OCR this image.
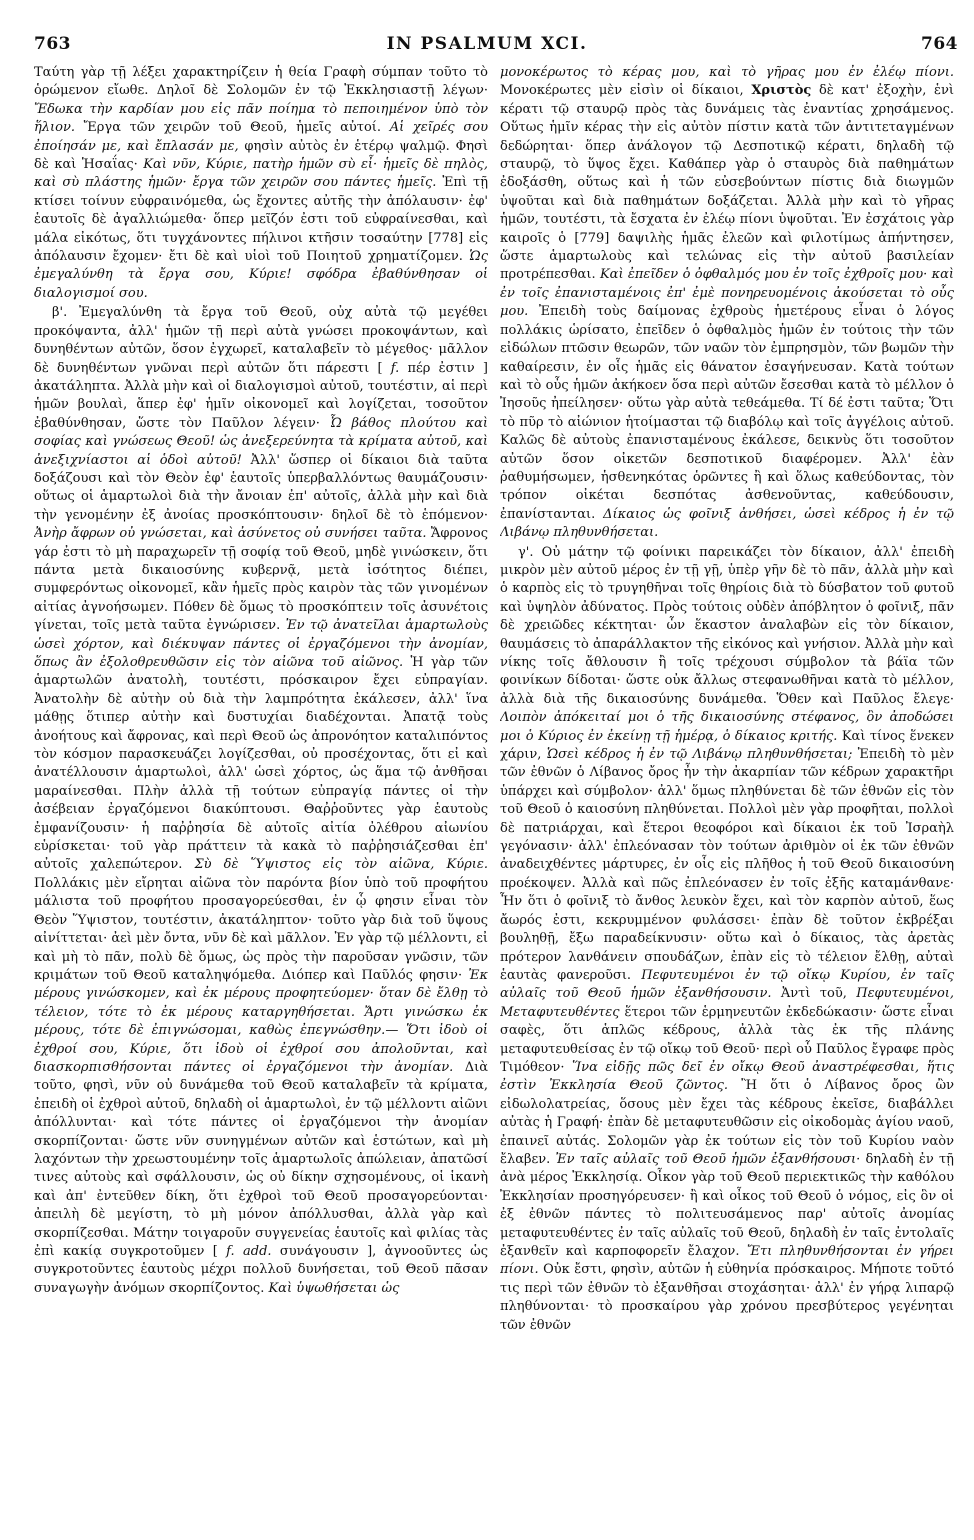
763	IN PSALMUM XCI.	764

Ταύτη γὰρ τῇ λέξει χαρακτηρίζειν ἡ θεία Γραφὴ σύμπαν τοῦτο τὸ ὁρώμενον εἴωθε. Δηλοῖ δὲ Σολομῶν ἐν τῷ Ἐκκλησιαστῇ λέγων· Ἔδωκα τὴν καρδίαν μου εἰς πᾶν ποίημα τὸ πεποιημένον ὑπὸ τὸν ἥλιον. Ἔργα τῶν χειρῶν τοῦ Θεοῦ, ἡμεῖς αὐτοί. Αἱ χεῖρές σου ἐποίησάν με, καὶ ἔπλασάν με, φησὶν αὐτὸς ἐν ἑτέρῳ ψαλμῷ. Φησὶ δὲ καὶ Ἡσαΐας· Καὶ νῦν, Κύριε, πατὴρ ἡμῶν σὺ εἶ· ἡμεῖς δὲ πηλὸς, καὶ σὺ πλάστης ἡμῶν· ἔργα τῶν χειρῶν σου πάντες ἡμεῖς. Ἐπὶ τῇ κτίσει τοίνυν εὐφραινόμεθα, ὡς ἔχοντες αὐτῆς τὴν ἀπόλαυσιν· ἐφ' ἑαυτοῖς δὲ ἀγαλλιώμεθα· ὅπερ μεῖζόν ἐστι τοῦ εὐφραίνεσθαι, καὶ μάλα εἰκότως, ὅτι τυγχάνοντες πήλινοι κτῆσιν τοσαύτην [778] εἰς ἀπόλαυσιν ἔχομεν· ἔτι δὲ καὶ υἱοὶ τοῦ Ποιητοῦ χρηματίζομεν. Ὡς ἐμεγαλύνθη τὰ ἔργα σου, Κύριε! σφόδρα ἐβαθύνθησαν οἱ διαλογισμοί σου.

β'. Ἐμεγαλύνθη τὰ ἔργα τοῦ Θεοῦ, οὐχ αὐτὰ τῷ μεγέθει προκόψαντα, ἀλλ' ἡμῶν τῇ περὶ αὐτὰ γνώσει προκοψάντων, καὶ δυνηθέντων αὐτῶν, ὅσον ἐγχωρεῖ, καταλαβεῖν τὸ μέγεθος· μᾶλλον δὲ δυνηθέντων γνῶναι περὶ αὐτῶν ὅτι πάρεστι [ f. πέρ ἐστιν ] ἀκατάληπτα. Ἀλλὰ μὴν καὶ οἱ διαλογισμοὶ αὐτοῦ, τουτέστιν, αἱ περὶ ἡμῶν βουλαὶ, ἅπερ ἐφ' ἡμῖν οἰκονομεῖ καὶ λογίζεται, τοσοῦτον ἐβαθύνθησαν, ὥστε τὸν Παῦλον λέγειν· Ὦ βάθος πλούτου καὶ σοφίας καὶ γνώσεως Θεοῦ! ὡς ἀνεξερεύνητα τὰ κρίματα αὐτοῦ, καὶ ἀνεξιχνίαστοι αἱ ὁδοὶ αὐτοῦ! Ἀλλ' ὥσπερ οἱ δίκαιοι διὰ ταῦτα δοξάζουσι καὶ τὸν Θεὸν ἐφ' ἑαυτοῖς ὑπερβαλλόντως θαυμάζουσιν· οὕτως οἱ ἁμαρτωλοὶ διὰ τὴν ἄνοιαν ἐπ' αὐτοῖς, ἀλλὰ μὴν καὶ διὰ τὴν γενομένην ἐξ ἀνοίας προσκόπτουσιν· δηλοῖ δὲ τὸ ἑπόμενον· Ἀνὴρ ἄφρων οὐ γνώσεται, καὶ ἀσύνετος οὐ συνήσει ταῦτα. Ἄφρονος γάρ ἐστι τὸ μὴ παραχωρεῖν τῇ σοφίᾳ τοῦ Θεοῦ, μηδὲ γινώσκειν, ὅτι πάντα μετὰ δικαιοσύνης κυβερνᾷ, μετὰ ἰσότητος διέπει, συμφερόντως οἰκονομεῖ, κἂν ἡμεῖς πρὸς καιρὸν τὰς τῶν γινομένων αἰτίας ἀγνοήσωμεν. Πόθεν δὲ ὅμως τὸ προσκόπτειν τοῖς ἀσυνέτοις γίνεται, τοῖς μετὰ ταῦτα ἐγνώρισεν. Ἐν τῷ ἀνατεῖλαι ἁμαρτωλοὺς ὡσεὶ χόρτον, καὶ διέκυψαν πάντες οἱ ἐργαζόμενοι τὴν ἀνομίαν, ὅπως ἂν ἐξολοθρευθῶσιν εἰς τὸν αἰῶνα τοῦ αἰῶνος. Ἡ γὰρ τῶν ἁμαρτωλῶν ἀνατολὴ, τουτέστι, πρόσκαιρον ἔχει εὐπραγίαν. Ἀνατολὴν δὲ αὐτὴν οὐ διὰ τὴν λαμπρότητα ἐκάλεσεν, ἀλλ' ἵνα μάθῃς ὅτιπερ αὐτὴν καὶ δυστυχίαι διαδέχονται. Ἀπατᾷ τοὺς ἀνοήτους καὶ ἄφρονας, καὶ περὶ Θεοῦ ὡς ἀπρονόητον καταλιπόντος τὸν κόσμον παρασκευάζει λογίζεσθαι, οὐ προσέχοντας, ὅτι εἰ καὶ ἀνατέλλουσιν ἁμαρτωλοὶ, ἀλλ' ὡσεὶ χόρτος, ὡς ἅμα τῷ ἀνθῆσαι μαραίνεσθαι. Πλὴν ἀλλὰ τῇ τούτων εὐπραγίᾳ πάντες οἱ τὴν ἀσέβειαν ἐργαζόμενοι διακύπτουσι. Θαῤῥοῦντες γὰρ ἑαυτοὺς ἐμφανίζουσιν· ἡ παῤῥησία δὲ αὐτοῖς αἰτία ὀλέθρου αἰωνίου εὑρίσκεται· τοῦ γὰρ πράττειν τὰ κακὰ τὸ παῤῥησιάζεσθαι ἐπ' αὐτοῖς χαλεπώτερον. Σὺ δὲ Ὕψιστος εἰς τὸν αἰῶνα, Κύριε. Πολλάκις μὲν εἴρηται αἰῶνα τὸν παρόντα βίον ὑπὸ τοῦ προφήτου μάλιστα τοῦ προφήτου προσαγορεύεσθαι, ἐν ᾧ φησιν εἶναι τὸν Θεὸν Ὕψιστον, τουτέστιν, ἀκατάληπτον· τοῦτο γὰρ διὰ τοῦ ὕψους αἰνίττεται· ἀεὶ μὲν ὄντα, νῦν δὲ καὶ μᾶλλον. Ἐν γὰρ τῷ μέλλοντι, εἰ καὶ μὴ τὸ πᾶν, πολὺ δὲ ὅμως, ὡς πρὸς τὴν παροῦσαν γνῶσιν, τῶν κριμάτων τοῦ Θεοῦ καταληψόμεθα. Διόπερ καὶ Παῦλός φησιν· Ἐκ μέρους γινώσκομεν, καὶ ἐκ μέρους προφητεύομεν· ὅταν δὲ ἔλθῃ τὸ τέλειον, τότε τὸ ἐκ μέρους καταργηθήσεται. Ἄρτι γινώσκω ἐκ μέρους, τότε δὲ ἐπιγνώσομαι, καθὼς ἐπεγνώσθην.— Ὅτι ἰδοὺ οἱ ἐχθροί σου, Κύριε, ὅτι ἰδοὺ οἱ ἐχθροί σου ἀπολοῦνται, καὶ διασκορπισθήσονται πάντες οἱ ἐργαζόμενοι τὴν ἀνομίαν. Διὰ τοῦτο, φησὶ, νῦν οὐ δυνάμεθα τοῦ Θεοῦ καταλαβεῖν τὰ κρίματα, ἐπειδὴ οἱ ἐχθροὶ αὐτοῦ, δηλαδὴ οἱ ἁμαρτωλοὶ, ἐν τῷ μέλλοντι αἰῶνι ἀπόλλυνται· καὶ τότε πάντες οἱ ἐργαζόμενοι τὴν ἀνομίαν σκορπίζονται· ὥστε νῦν συνηγμένων αὐτῶν καὶ ἑστώτων, καὶ μὴ λαχόντων τὴν χρεωστουμένην τοῖς ἁμαρτωλοῖς ἀπώλειαν, ἀπατῶσί τινες αὐτοὺς καὶ σφάλλουσιν, ὡς οὐ δίκην σχησομένους, οἱ ἱκανὴ καὶ ἀπ' ἐντεῦθεν δίκη, ὅτι ἐχθροὶ τοῦ Θεοῦ προσαγορεύονται· ἀπειλὴ δὲ μεγίστη, τὸ μὴ μόνον ἀπόλλυσθαι, ἀλλὰ γὰρ καὶ σκορπίζεσθαι. Μάτην τοιγαροῦν συγγενείας ἑαυτοῖς καὶ φιλίας τὰς ἐπὶ κακίᾳ συγκροτοῦμεν [ f. add. συνάγουσιν ], ἀγνοοῦντες ὡς συγκροτοῦντες ἑαυτοὺς μέχρι πολλοῦ δυνήσεται, τοῦ Θεοῦ πᾶσαν συναγωγὴν ἀνόμων σκορπίζοντος. Καὶ ὑψωθήσεται ὡς

μονοκέρωτος τὸ κέρας μου, καὶ τὸ γῆρας μου ἐν ἐλέῳ πίονι. Μονοκέρωτες μὲν εἰσὶν οἱ δίκαιοι, Χριστὸς δὲ κατ' ἐξοχὴν, ἑνὶ κέρατι τῷ σταυρῷ πρὸς τὰς δυνάμεις τὰς ἐναντίας χρησάμενος. Οὕτως ἡμῖν κέρας τὴν εἰς αὐτὸν πίστιν κατὰ τῶν ἀντιτεταγμένων δεδώρηται· ὅπερ ἀνάλογον τῷ Δεσποτικῷ κέρατι, δηλαδὴ τῷ σταυρῷ, τὸ ὕψος ἔχει. Καθάπερ γὰρ ὁ σταυρὸς διὰ παθημάτων ἐδοξάσθη, οὕτως καὶ ἡ τῶν εὐσεβούντων πίστις διὰ διωγμῶν ὑψοῦται καὶ διὰ παθημάτων δοξάζεται. Ἀλλὰ μὴν καὶ τὸ γῆρας ἡμῶν, τουτέστι, τὰ ἔσχατα ἐν ἐλέῳ πίονι ὑψοῦται. Ἐν ἐσχάτοις γὰρ καιροῖς ὁ [779] δαψιλὴς ἡμᾶς ἐλεῶν καὶ φιλοτίμως ἀπήντησεν, ὥστε ἁμαρτωλοὺς καὶ τελώνας εἰς τὴν αὐτοῦ βασιλείαν προτρέπεσθαι. Καὶ ἐπεῖδεν ὁ ὀφθαλμός μου ἐν τοῖς ἐχθροῖς μου· καὶ ἐν τοῖς ἐπανισταμένοις ἐπ' ἐμὲ πονηρευομένοις ἀκούσεται τὸ οὖς μου. Ἐπειδὴ τοὺς δαίμονας ἐχθροὺς ἡμετέρους εἶναι ὁ λόγος πολλάκις ὡρίσατο, ἐπεῖδεν ὁ ὀφθαλμὸς ἡμῶν ἐν τούτοις τὴν τῶν εἰδώλων πτῶσιν θεωρῶν, τῶν ναῶν τὸν ἐμπρησμὸν, τῶν βωμῶν τὴν καθαίρεσιν, ἐν οἷς ἡμᾶς εἰς θάνατον ἐσαγήνευσαν. Κατὰ τούτων καὶ τὸ οὖς ἡμῶν ἀκήκοεν ὅσα περὶ αὐτῶν ἔσεσθαι κατὰ τὸ μέλλον ὁ Ἰησοῦς ἠπείλησεν· οὕτω γὰρ αὐτὰ τεθεάμεθα. Τί δέ ἐστι ταῦτα; Ὅτι τὸ πῦρ τὸ αἰώνιον ἡτοίμασται τῷ διαβόλῳ καὶ τοῖς ἀγγέλοις αὐτοῦ. Καλῶς δὲ αὐτοὺς ἐπανισταμένους ἐκάλεσε, δεικνὺς ὅτι τοσοῦτον αὐτῶν ὅσον οἰκετῶν δεσποτικοῦ διαφέρομεν. Ἀλλ' ἐὰν ῥαθυμήσωμεν, ἡσθενηκότας ὁρῶντες ἢ καὶ ὅλως καθεύδοντας, τὸν τρόπον οἰκέται δεσπότας ἀσθενοῦντας, καθεύδουσιν, ἐπανίστανται. Δίκαιος ὡς φοῖνιξ ἀνθήσει, ὡσεὶ κέδρος ἡ ἐν τῷ Λιβάνῳ πληθυνθήσεται.

γ'. Οὐ μάτην τῷ φοίνικι παρεικάζει τὸν δίκαιον, ἀλλ' ἐπειδὴ μικρὸν μὲν αὐτοῦ μέρος ἐν τῇ γῇ, ὑπὲρ γῆν δὲ τὸ πᾶν, ἀλλὰ μὴν καὶ ὁ καρπὸς εἰς τὸ τρυγηθῆναι τοῖς θηρίοις διὰ τὸ δύσβατον τοῦ φυτοῦ καὶ ὑψηλὸν ἀδύνατος. Πρὸς τούτοις οὐδὲν ἀπόβλητον ὁ φοῖνιξ, πᾶν δὲ χρειῶδες κέκτηται· ὧν ἕκαστον ἀναλαβὼν εἰς τὸν δίκαιον, θαυμάσεις τὸ ἀπαράλλακτον τῆς εἰκόνος καὶ γνήσιον. Ἀλλὰ μὴν καὶ νίκης τοῖς ἄθλουσιν ἢ τοῖς τρέχουσι σύμβολον τὰ βάϊα τῶν φοινίκων δίδοται· ὥστε οὐκ ἄλλως στεφανωθῆναι κατὰ τὸ μέλλον, ἀλλὰ διὰ τῆς δικαιοσύνης δυνάμεθα. Ὅθεν καὶ Παῦλος ἔλεγε· Λοιπὸν ἀπόκειταί μοι ὁ τῆς δικαιοσύνης στέφανος, ὃν ἀποδώσει μοι ὁ Κύριος ἐν ἐκείνῃ τῇ ἡμέρᾳ, ὁ δίκαιος κριτής. Καὶ τίνος ἕνεκεν χάριν, Ὡσεὶ κέδρος ἡ ἐν τῷ Λιβάνῳ πληθυνθήσεται; Ἐπειδὴ τὸ μὲν τῶν ἐθνῶν ὁ Λίβανος ὄρος ἦν τὴν ἀκαρπίαν τῶν κέδρων χαρακτῆρι ὑπάρχει καὶ σύμβολον· ἀλλ' ὅμως πληθύνεται δὲ τῶν ἐθνῶν εἰς τὸν τοῦ Θεοῦ ὁ καιοσύνη πληθύνεται. Πολλοὶ μὲν γὰρ προφῆται, πολλοὶ δὲ πατριάρχαι, καὶ ἕτεροι θεοφόροι καὶ δίκαιοι ἐκ τοῦ Ἰσραὴλ γεγόνασιν· ἀλλ' ἐπλεόνασαν τὸν τούτων ἀριθμὸν οἱ ἐκ τῶν ἐθνῶν ἀναδειχθέντες μάρτυρες, ἐν οἷς εἰς πλῆθος ἡ τοῦ Θεοῦ δικαιοσύνη προέκοψεν. Ἀλλὰ καὶ πῶς ἐπλεόνασεν ἐν τοῖς ἐξῆς καταμάνθανε· Ἦν ὅτι ὁ φοῖνιξ τὸ ἄνθος λευκὸν ἔχει, καὶ τὸν καρπὸν αὐτοῦ, ἕως ἄωρός ἐστι, κεκρυμμένον φυλάσσει· ἐπὰν δὲ τοῦτον ἐκβρέξαι βουληθῇ, ἔξω παραδείκνυσιν· οὕτω καὶ ὁ δίκαιος, τὰς ἀρετὰς πρότερον λανθάνειν σπουδάζων, ἐπὰν εἰς τὸ τέλειον ἔλθῃ, αὐταὶ ἑαυτὰς φανεροῦσι. Πεφυτευμένοι ἐν τῷ οἴκῳ Κυρίου, ἐν ταῖς αὐλαῖς τοῦ Θεοῦ ἡμῶν ἐξανθήσουσιν. Ἀντὶ τοῦ, Πεφυτευμένοι, Μεταφυτευθέντες ἕτεροι τῶν ἑρμηνευτῶν ἐκδεδώκασιν· ὥστε εἶναι σαφὲς, ὅτι ἁπλῶς κέδρους, ἀλλὰ τὰς ἐκ τῆς πλάνης μεταφυτευθείσας ἐν τῷ οἴκῳ τοῦ Θεοῦ· περὶ οὗ Παῦλος ἔγραφε πρὸς Τιμόθεον· Ἵνα εἰδῇς πῶς δεῖ ἐν οἴκῳ Θεοῦ ἀναστρέφεσθαι, ἥτις ἐστὶν Ἐκκλησία Θεοῦ ζῶντος. Ἢ ὅτι ὁ Λίβανος ὄρος ὢν εἰδωλολατρείας, ὅσους μὲν ἔχει τὰς κέδρους ἐκεῖσε, διαβάλλει αὐτὰς ἡ Γραφή· ἐπὰν δὲ μεταφυτευθῶσιν εἰς οἰκοδομὰς ἁγίου ναοῦ, ἐπαινεῖ αὐτάς. Σολομῶν γὰρ ἐκ τούτων εἰς τὸν τοῦ Κυρίου ναὸν ἔλαβεν. Ἐν ταῖς αὐλαῖς τοῦ Θεοῦ ἡμῶν ἐξανθήσουσι· δηλαδὴ ἐν τῇ ἀνὰ μέρος Ἐκκλησίᾳ. Οἶκον γὰρ τοῦ Θεοῦ περιεκτικῶς τὴν καθόλου Ἐκκλησίαν προσηγόρευσεν· ἢ καὶ οἶκος τοῦ Θεοῦ ὁ νόμος, εἰς ὃν οἱ ἐξ ἐθνῶν πάντες τὸ πολιτευσάμενος παρ' αὐτοῖς ἀνομίας μεταφυτευθέντες ἐν ταῖς αὐλαῖς τοῦ Θεοῦ, δηλαδὴ ἐν ταῖς ἐντολαῖς ἐξανθεῖν καὶ καρποφορεῖν ἔλαχον. Ἔτι πληθυνθήσονται ἐν γήρει πίονι. Οὐκ ἔστι, φησὶν, αὐτῶν ἡ εὐθηνία πρόσκαιρος. Μήποτε τοῦτό τις περὶ τῶν ἐθνῶν τὸ ἐξανθῆσαι στοχάσηται· ἀλλ' ἐν γήρᾳ λιπαρῷ πληθύνονται· τὸ προσκαίρου γὰρ χρόνου πρεσβύτερος γεγένηται τῶν ἐθνῶν
